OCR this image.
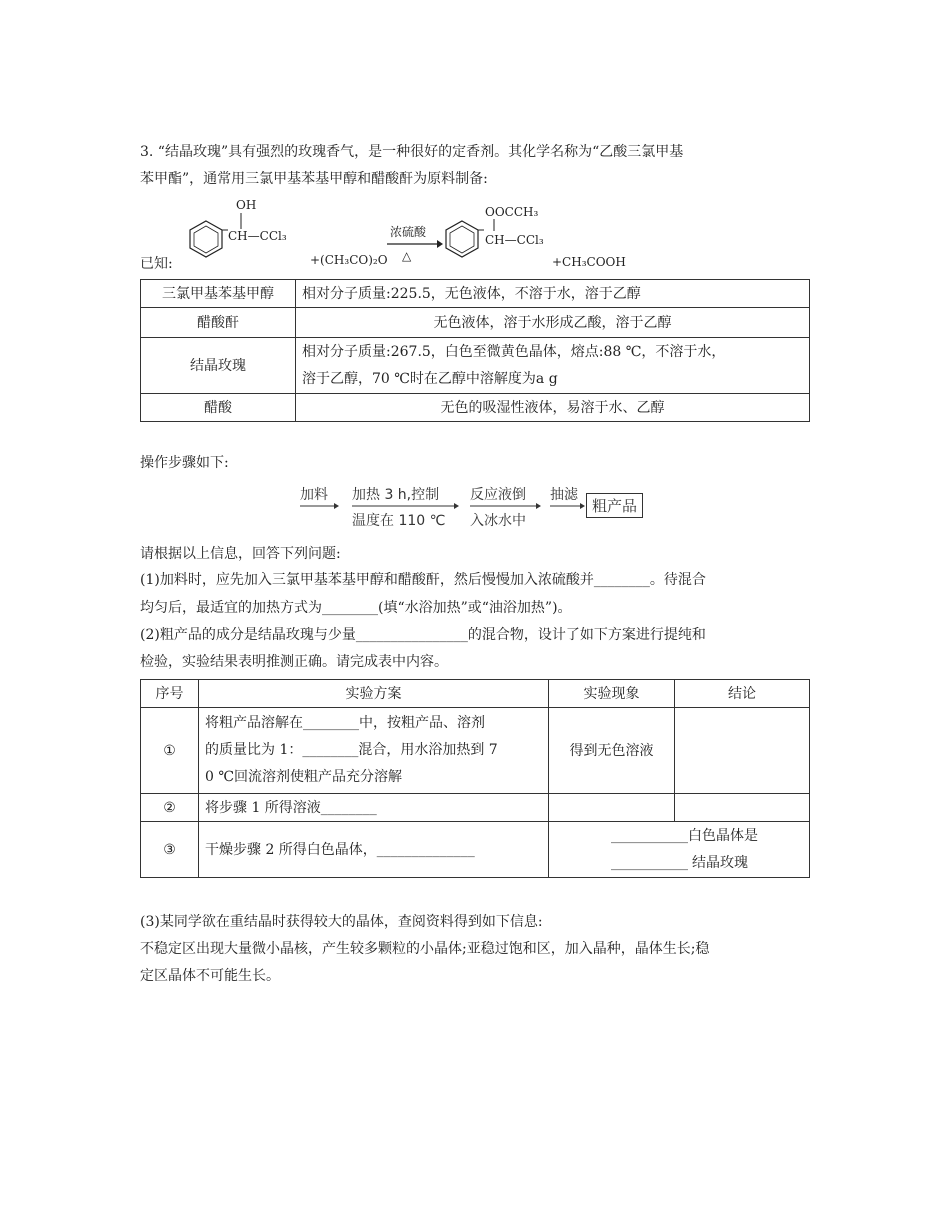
3. “结晶玫瑰”具有强烈的玫瑰香气，是一种很好的定香剂。其化学名称为“乙酸三氯甲基
苯甲酯”，通常用三氯甲基苯基甲醇和醋酸酐为原料制备:
已知:
OH
CH—CCl₃
+(CH₃CO)₂O
浓硫酸
△
OOCCH₃
CH—CCl₃
+CH₃COOH
三氯甲基苯基甲醇	相对分子质量:225.5，无色液体，不溶于水，溶于乙醇
醋酸酐	无色液体，溶于水形成乙酸，溶于乙醇
结晶玫瑰	相对分子质量:267.5，白色至微黄色晶体，熔点:88 ℃，不溶于水，
溶于乙醇，70 ℃时在乙醇中溶解度为a g

醋酸	无色的吸湿性液体，易溶于水、乙醇
操作步骤如下:
加料 加热 3 h,控制
温度在 110 ℃
反应液倒
入冰水中
抽滤
粗产品
请根据以上信息，回答下列问题:
(1)加料时，应先加入三氯甲基苯基甲醇和醋酸酐，然后慢慢加入浓硫酸并________。待混合
均匀后，最适宜的加热方式为________(填“水浴加热”或“油浴加热”)。
(2)粗产品的成分是结晶玫瑰与少量________________的混合物，设计了如下方案进行提纯和
检验，实验结果表明推测正确。请完成表中内容。
序号	实验方案	实验现象	结论
①	将粗产品溶解在________中，按粗产品、溶剂
的质量比为 1：________混合，用水浴加热到 7
0 ℃回流溶剂使粗产品充分溶解	得到无色溶液	
②	将步骤 1 所得溶液________		
③	干燥步骤 2 所得白色晶体，______________	___________白色晶体是
___________ 结晶玫瑰	
(3)某同学欲在重结晶时获得较大的晶体，查阅资料得到如下信息:
不稳定区出现大量微小晶核，产生较多颗粒的小晶体;亚稳过饱和区，加入晶种，晶体生长;稳
定区晶体不可能生长。
